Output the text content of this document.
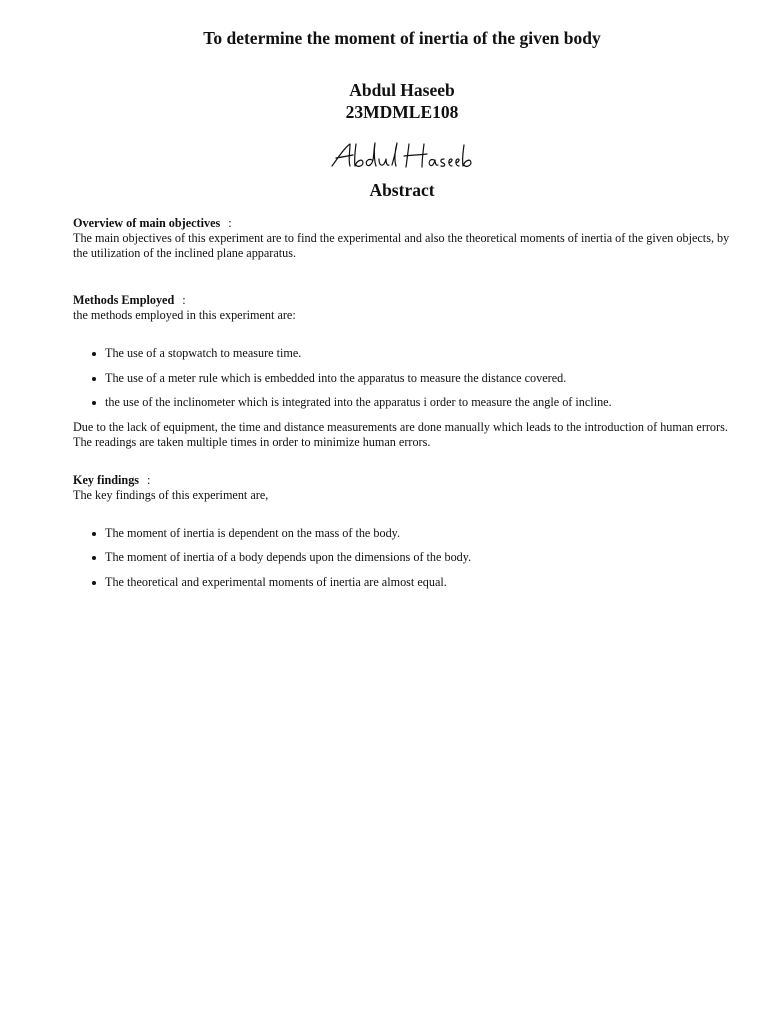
To determine the moment of inertia of the given body
Abdul Haseeb
23MDMLE108
Abstract
Overview of main objectives :

The main objectives of this experiment are to find the experimental and also the theoretical moments of inertia of the given objects, by the utilization of the inclined plane apparatus.

Methods Employed :

the methods employed in this experiment are:

The use of a stopwatch to measure time.
The use of a meter rule which is embedded into the apparatus to measure the distance covered.
the use of the inclinometer which is integrated into the apparatus i order to measure the angle of incline.

Due to the lack of equipment, the time and distance measurements are done manually which leads to the introduction of human errors.

The readings are taken multiple times in order to minimize human errors.

Key findings :

The key findings of this experiment are,

The moment of inertia is dependent on the mass of the body.
The moment of inertia of a body depends upon the dimensions of the body.
The theoretical and experimental moments of inertia are almost equal.
